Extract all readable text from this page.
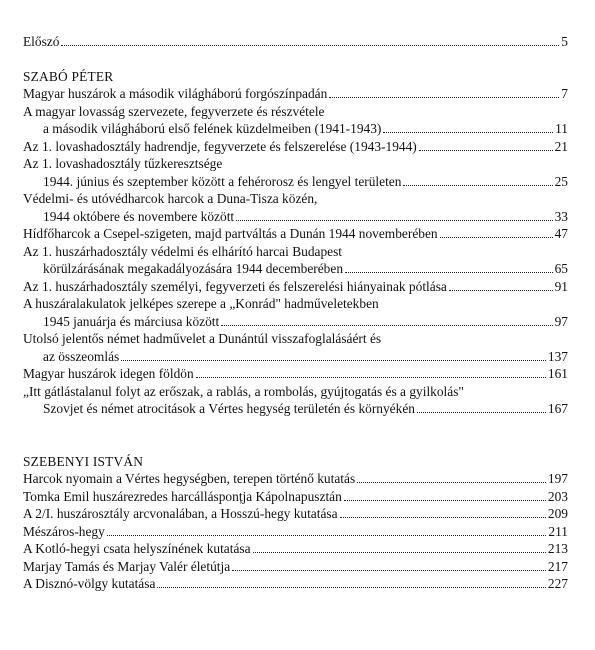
Előszó	5
SZABÓ PÉTER
Magyar huszárok a második világháború forgószínpadán	7
A magyar lovasság szervezete, fegyverzete és részvétele
a második világháború első felének küzdelmeiben (1941-1943)	11
Az 1. lovashadosztály hadrendje, fegyverzete és felszerelése (1943-1944)	21
Az 1. lovashadosztály tűzkeresztsége
1944. június és szeptember között a fehérorosz és lengyel területen	25
Védelmi- és utóvédharcok harcok a Duna-Tisza közén,
1944 októbere és novembere között	33
Hídfőharcok a Csepel-szigeten, majd partváltás a Dunán 1944 novemberében	47
Az 1. huszárhadosztály védelmi és elhárító harcai Budapest
körülzárásának megakadályozására 1944 decemberében	65
Az 1. huszárhadosztály személyi, fegyverzeti és felszerelési hiányainak pótlása	91
A huszáralakulatok jelképes szerepe a „Konrád" hadműveletekben
1945 januárja és márciusa között	97
Utolsó jelentős német hadművelet a Dunántúl visszafoglalásáért és
az összeomlás	137
Magyar huszárok idegen földön	161
„Itt gátlástalanul folyt az erőszak, a rablás, a rombolás, gyújtogatás és a gyilkolás"
Szovjet és német atrocitások a Vértes hegység területén és környékén	167
SZEBENYI ISTVÁN
Harcok nyomain a Vértes hegységben, terepen történő kutatás	197
Tomka Emil huszárezredes harcállásponțja Kápolnapusztán	203
A 2/I. huszárosztály arcvonalában, a Hosszú-hegy kutatása	209
Mészáros-hegy	211
A Kotló-hegyi csata helyszínének kutatása	213
Marjay Tamás és Marjay Valér életútja	217
A Disznó-völgy kutatása	227
